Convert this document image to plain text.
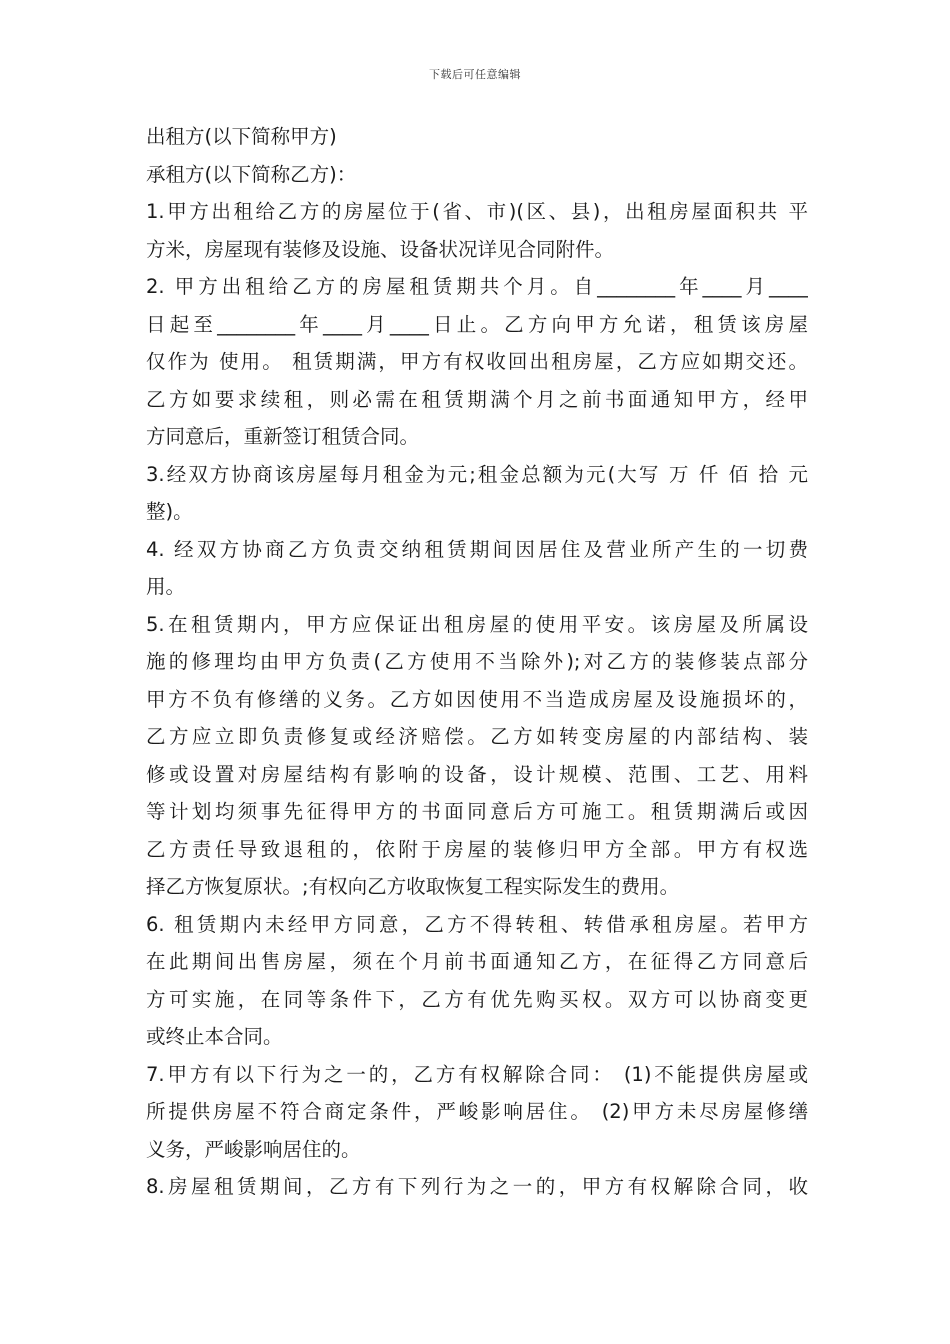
下载后可任意编辑
出租方(以下简称甲方)
承租方(以下简称乙方)：
1.甲方出租给乙方的房屋位于(省、市)(区、县)，出租房屋面积共 平
方米，房屋现有装修及设施、设备状况详见合同附件。
2. 甲方出租给乙方的房屋租赁期共个月。自________年____月____
日起至________年____月____日止。乙方向甲方允诺，租赁该房屋
仅作为 使用。 租赁期满，甲方有权收回出租房屋，乙方应如期交还。
乙方如要求续租，则必需在租赁期满个月之前书面通知甲方，经甲
方同意后，重新签订租赁合同。
3.经双方协商该房屋每月租金为元;租金总额为元(大写 万 仟 佰 拾 元
整)。
4. 经双方协商乙方负责交纳租赁期间因居住及营业所产生的一切费
用。
5.在租赁期内，甲方应保证出租房屋的使用平安。该房屋及所属设
施的修理均由甲方负责(乙方使用不当除外);对乙方的装修装点部分
甲方不负有修缮的义务。乙方如因使用不当造成房屋及设施损坏的，
乙方应立即负责修复或经济赔偿。乙方如转变房屋的内部结构、装
修或设置对房屋结构有影响的设备，设计规模、范围、工艺、用料
等计划均须事先征得甲方的书面同意后方可施工。租赁期满后或因
乙方责任导致退租的，依附于房屋的装修归甲方全部。甲方有权选
择乙方恢复原状。;有权向乙方收取恢复工程实际发生的费用。
6. 租赁期内未经甲方同意，乙方不得转租、转借承租房屋。若甲方
在此期间出售房屋，须在个月前书面通知乙方，在征得乙方同意后
方可实施，在同等条件下，乙方有优先购买权。双方可以协商变更
或终止本合同。
7.甲方有以下行为之一的，乙方有权解除合同： (1)不能提供房屋或
所提供房屋不符合商定条件，严峻影响居住。 (2)甲方未尽房屋修缮
义务，严峻影响居住的。
8.房屋租赁期间，乙方有下列行为之一的，甲方有权解除合同，收
